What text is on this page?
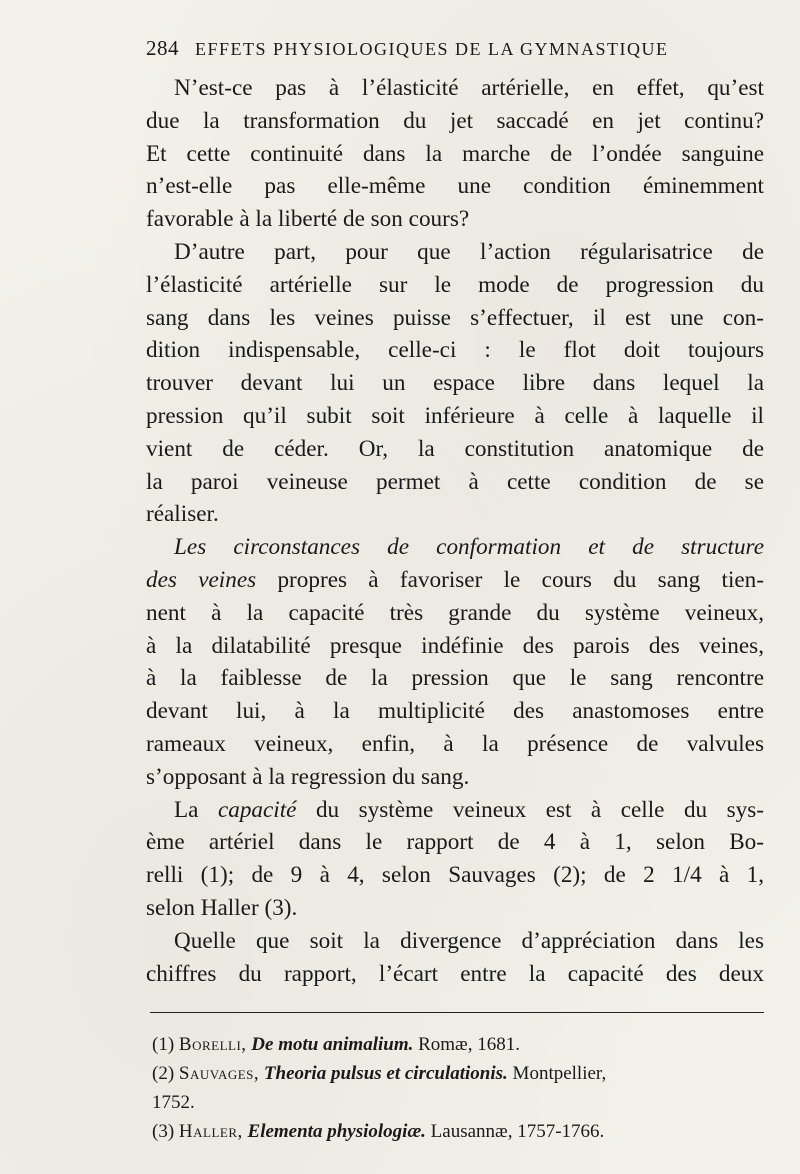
284 EFFETS PHYSIOLOGIQUES DE LA GYMNASTIQUE
N’est-ce pas à l’élasticité artérielle, en effet, qu’est
due la transformation du jet saccadé en jet continu?
Et cette continuité dans la marche de l’ondée sanguine
n’est-elle pas elle-même une condition éminemment
favorable à la liberté de son cours?
D’autre part, pour que l’action régularisatrice de
l’élasticité artérielle sur le mode de progression du
sang dans les veines puisse s’effectuer, il est une con-
dition indispensable, celle-ci : le flot doit toujours
trouver devant lui un espace libre dans lequel la
pression qu’il subit soit inférieure à celle à laquelle il
vient de céder. Or, la constitution anatomique de
la paroi veineuse permet à cette condition de se
réaliser.
Les circonstances de conformation et de structure
des veines propres à favoriser le cours du sang tien-
nent à la capacité très grande du système veineux,
à la dilatabilité presque indéfinie des parois des veines,
à la faiblesse de la pression que le sang rencontre
devant lui, à la multiplicité des anastomoses entre
rameaux veineux, enfin, à la présence de valvules
s’opposant à la regression du sang.
La capacité du système veineux est à celle du sys-
ème artériel dans le rapport de 4 à 1, selon Bo-
relli (1); de 9 à 4, selon Sauvages (2); de 2 1/4 à 1,
selon Haller (3).
Quelle que soit la divergence d’appréciation dans les
chiffres du rapport, l’écart entre la capacité des deux
(1) Borelli, De motu animalium. Romæ, 1681.
(2) Sauvages, Theoria pulsus et circulationis. Montpellier,
1752.
(3) Haller, Elementa physiologiæ. Lausannæ, 1757-1766.
